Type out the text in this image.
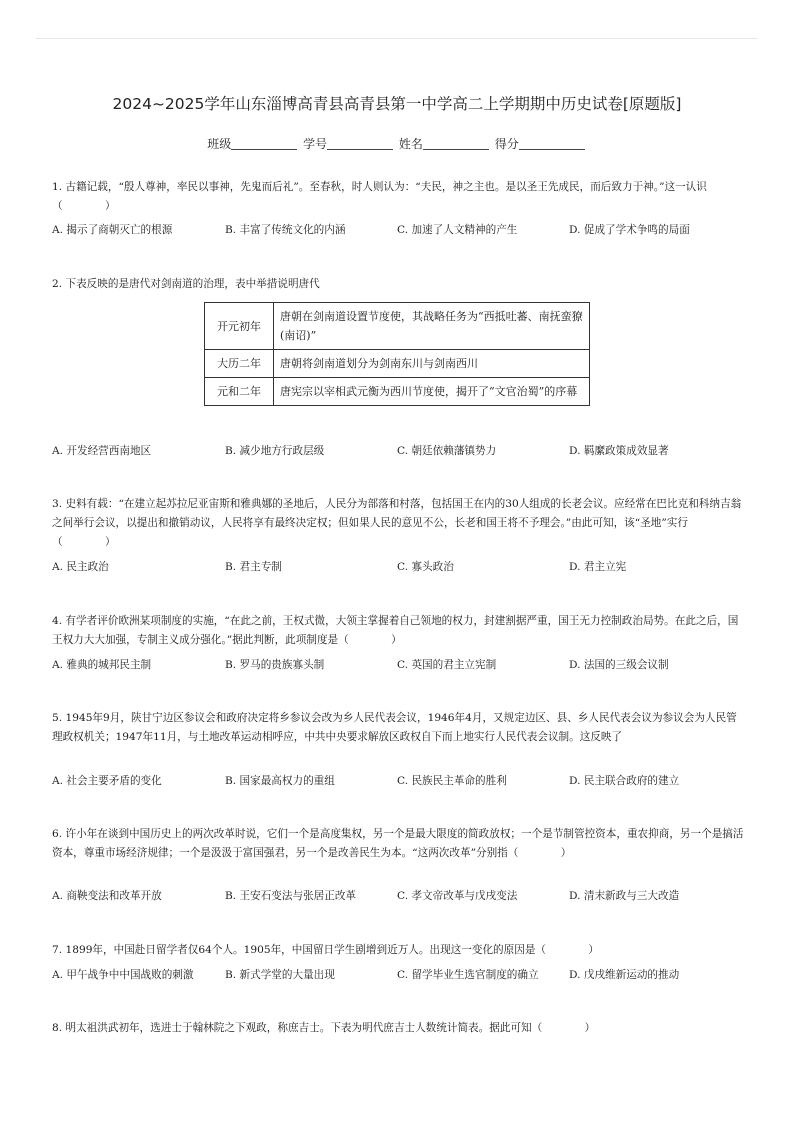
2024~2025学年山东淄博高青县高青县第一中学高二上学期期中历史试卷[原题版]
班级	学号	姓名	得分

1. 古籍记载，“殷人尊神，率民以事神，先鬼而后礼”。至春秋，时人则认为：“夫民，神之主也。是以圣王先成民，而后致力于神。”这一认识（　　　　）

A. 揭示了商朝灭亡的根源	B. 丰富了传统文化的内涵	C. 加速了人文精神的产生	D. 促成了学术争鸣的局面

2. 下表反映的是唐代对剑南道的治理，表中举措说明唐代

开元初年	唐朝在剑南道设置节度使，其战略任务为“西抵吐蕃、南抚蛮獠(南诏)”
大历二年	唐朝将剑南道划分为剑南东川与剑南西川
元和二年	唐宪宗以宰相武元衡为西川节度使，揭开了“文官治蜀”的序幕
A. 开发经营西南地区	B. 减少地方行政层级	C. 朝廷依赖藩镇势力	D. 羁縻政策成效显著

3. 史料有载：“在建立起苏拉尼亚宙斯和雅典娜的圣地后，人民分为部落和村落，包括国王在内的30人组成的长老会议。应经常在巴比克和科纳吉翁之间举行会议，以提出和撤销动议，人民将享有最终决定权；但如果人民的意见不公，长老和国王将不予理会。”由此可知，该“圣地”实行（　　　　）

A. 民主政治	B. 君主专制	C. 寡头政治	D. 君主立宪

4. 有学者评价欧洲某项制度的实施，“在此之前，王权式微，大领主掌握着自己领地的权力，封建割据严重，国王无力控制政治局势。在此之后，国王权力大大加强，专制主义成分强化。”据此判断，此项制度是（　　　　）

A. 雅典的城邦民主制	B. 罗马的贵族寡头制	C. 英国的君主立宪制	D. 法国的三级会议制

5. 1945年9月，陕甘宁边区参议会和政府决定将乡参议会改为乡人民代表会议，1946年4月，又规定边区、县、乡人民代表会议为参议会为人民管理政权机关；1947年11月，与土地改革运动相呼应，中共中央要求解放区政权自下而上地实行人民代表会议制。这反映了

A. 社会主要矛盾的变化	B. 国家最高权力的重组	C. 民族民主革命的胜利	D. 民主联合政府的建立

6. 许小年在谈到中国历史上的两次改革时说，它们一个是高度集权，另一个是最大限度的简政放权；一个是节制管控资本，重农抑商，另一个是搞活资本，尊重市场经济规律；一个是汲汲于富国强君，另一个是改善民生为本。“这两次改革”分别指（　　　　）

A. 商鞅变法和改革开放	B. 王安石变法与张居正改革	C. 孝文帝改革与戊戌变法	D. 清末新政与三大改造

7. 1899年，中国赴日留学者仅64个人。1905年，中国留日学生剧增到近万人。出现这一变化的原因是（　　　　）

A. 甲午战争中中国战败的刺激	B. 新式学堂的大量出现	C. 留学毕业生选官制度的确立	D. 戊戌维新运动的推动

8. 明太祖洪武初年，选进士于翰林院之下观政，称庶吉士。下表为明代庶吉士人数统计简表。据此可知（　　　　）
